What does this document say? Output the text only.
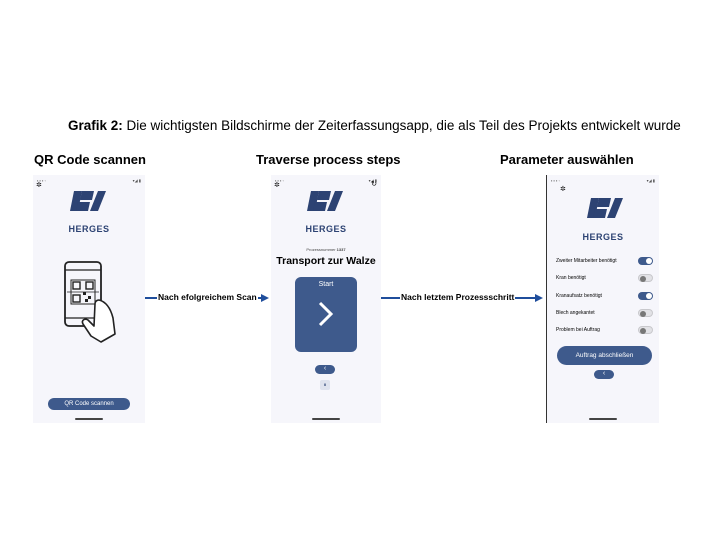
Grafik 2: Die wichtigsten Bildschirme der Zeiterfassungsapp, die als Teil des Projekts entwickelt wurde
QR Code scannen	Traverse process steps	Parameter auswählen
▪ ▪ ▪ ◦	▾◢ ▮
✲
HERGES
QR Code scannen
Nach efolgreichem Scan
▪ ▪ ▪ ◦	▾◢ ▮
✲	↻
HERGES
Prozessnummer 1337
Transport zur Walze
Start
‹
II
Nach letztem Prozessschritt
▪ ▪ ▪ ◦	▾◢ ▮
✲
HERGES
Zweiter Mitarbeiter benötigt
Kran benötigt
Kranaufsatz benötigt
Blech angekantet
Problem bei Auftrag
Auftrag abschließen
‹
